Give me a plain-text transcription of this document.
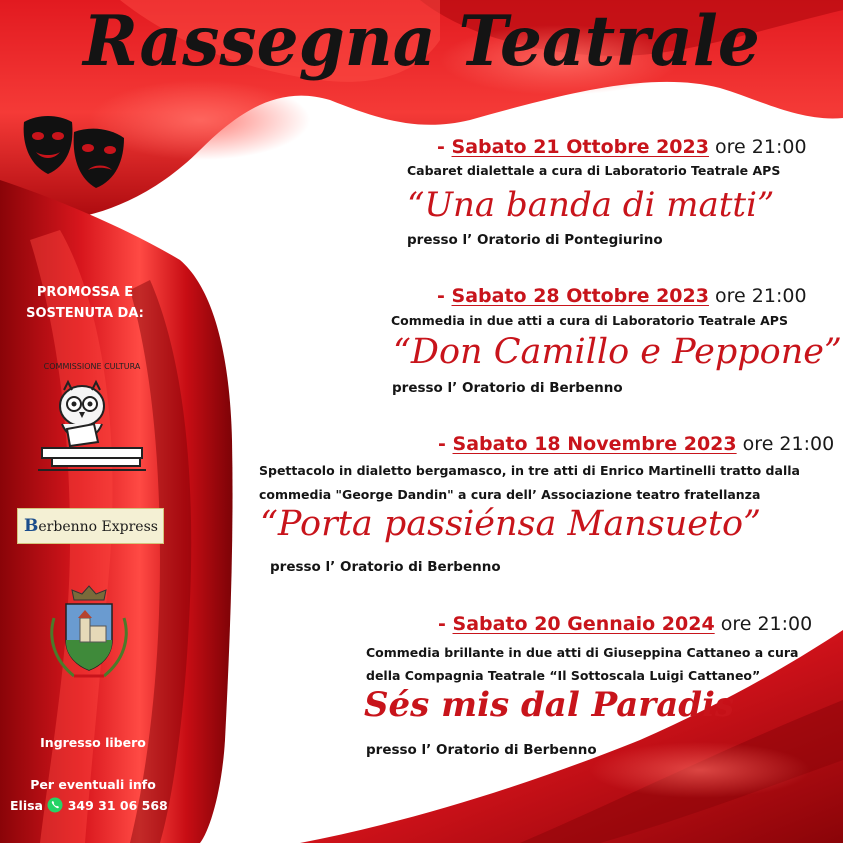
Rassegna Teatrale
- Sabato 21 Ottobre 2023 ore 21:00
Cabaret dialettale a cura di Laboratorio Teatrale APS
“Una banda di matti”
presso l’ Oratorio di Pontegiurino
- Sabato 28 Ottobre 2023 ore 21:00
Commedia in due atti a cura di Laboratorio Teatrale APS
“Don Camillo e Peppone”
presso l’ Oratorio di Berbenno
- Sabato 18 Novembre 2023 ore 21:00
Spettacolo in dialetto bergamasco, in tre atti di Enrico Martinelli tratto dalla
commedia "George Dandin" a cura dell’ Associazione teatro fratellanza
“Porta passiénsa Mansueto”
presso l’ Oratorio di Berbenno
- Sabato 20 Gennaio 2024 ore 21:00
Commedia brillante in due atti di Giuseppina Cattaneo a cura
della Compagnia Teatrale “Il Sottoscala Luigi Cattaneo”
Sés mis dal Paradis
presso l’ Oratorio di Berbenno
PROMOSSA E
SOSTENUTA DA:
COMMISSIONE CULTURA
Berbenno Express
Ingresso libero
Per eventuali info
Elisa 349 31 06 568
